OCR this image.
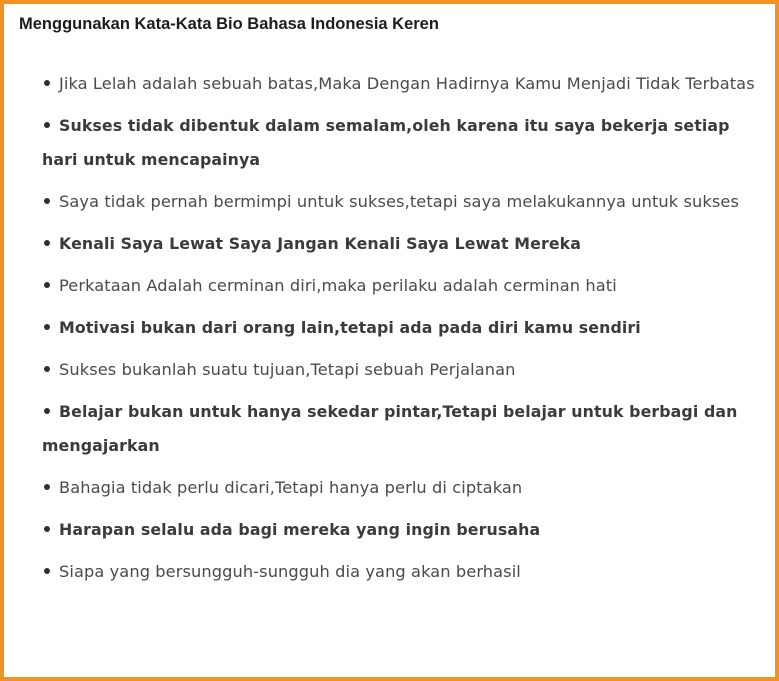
Menggunakan Kata-Kata Bio Bahasa Indonesia Keren
Jika Lelah adalah sebuah batas,Maka Dengan Hadirnya Kamu Menjadi Tidak Terbatas
Sukses tidak dibentuk dalam semalam,oleh karena itu saya bekerja setiap hari untuk mencapainya
Saya tidak pernah bermimpi untuk sukses,tetapi saya melakukannya untuk sukses
Kenali Saya Lewat Saya Jangan Kenali Saya Lewat Mereka
Perkataan Adalah cerminan diri,maka perilaku adalah cerminan hati
Motivasi bukan dari orang lain,tetapi ada pada diri kamu sendiri
Sukses bukanlah suatu tujuan,Tetapi sebuah Perjalanan
Belajar bukan untuk hanya sekedar pintar,Tetapi belajar untuk berbagi dan mengajarkan
Bahagia tidak perlu dicari,Tetapi hanya perlu di ciptakan
Harapan selalu ada bagi mereka yang ingin berusaha
Siapa yang bersungguh-sungguh dia yang akan berhasil
